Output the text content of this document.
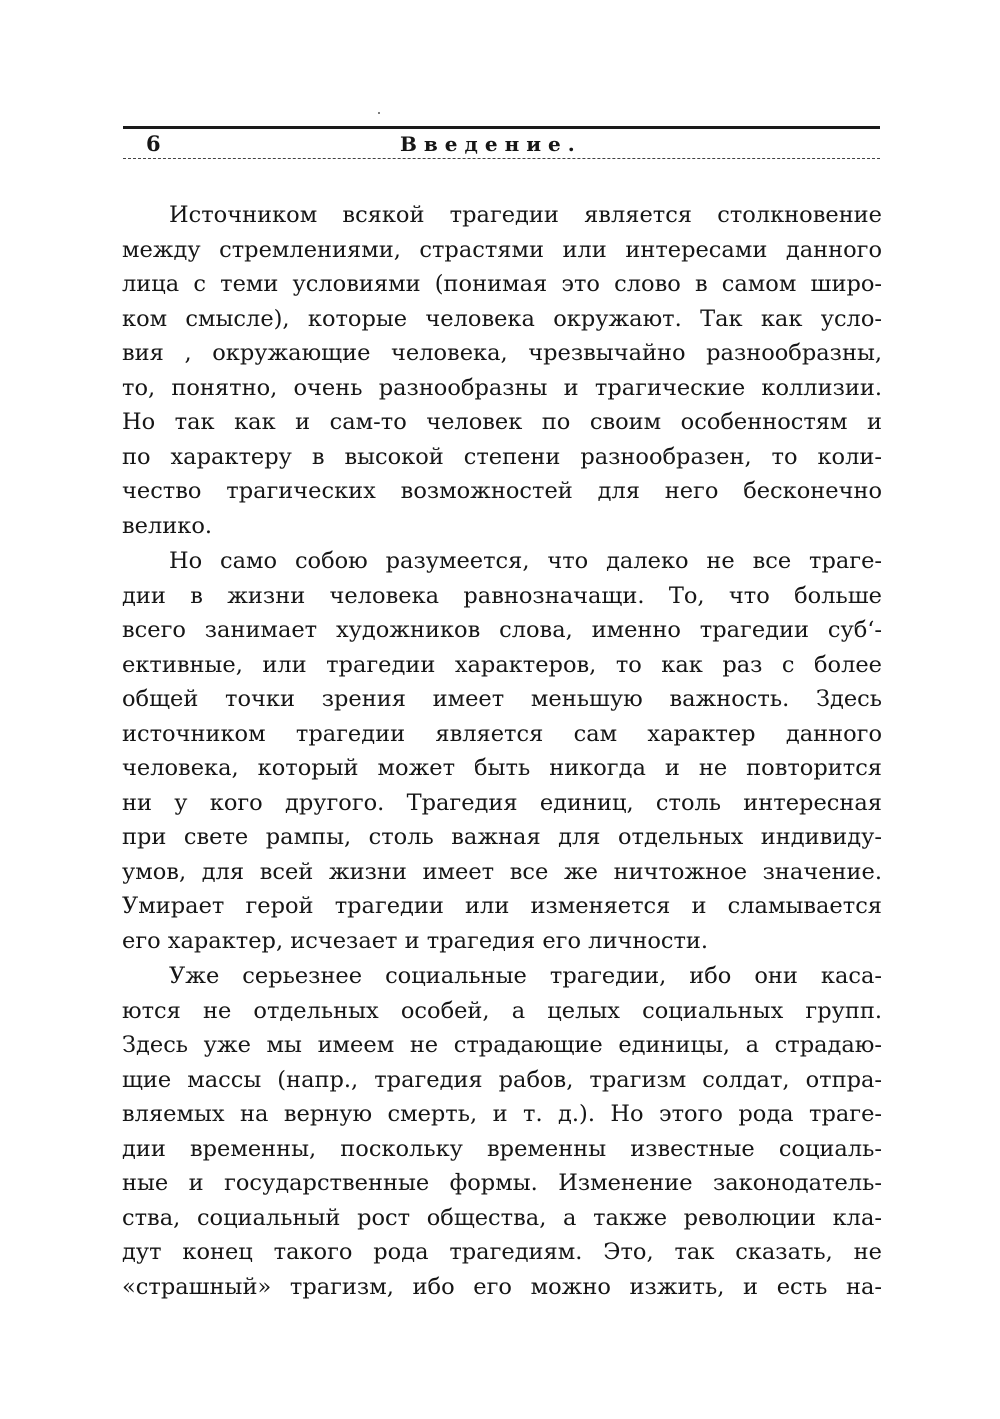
6	Введение.

Источником всякой трагедии является столкновение
между стремлениями, страстями или интересами данного
лица с теми условиями (понимая это слово в самом широ-
ком смысле), которые человека окружают. Так как усло-
вия , окружающие человека, чрезвычайно разнообразны,
то, понятно, очень разнообразны и трагические коллизии.
Но так как и сам-то человек по своим особенностям и
по характеру в высокой степени разнообразен, то коли-
чество трагических возможностей для него бесконечно
велико.

Но само собою разумеется, что далеко не все траге-
дии в жизни человека равнозначащи. То, что больше
всего занимает художников слова, именно трагедии суб‘-
ективные, или трагедии характеров, то как раз с более
общей точки зрения имеет меньшую важность. Здесь
источником трагедии является сам характер данного
человека, который может быть никогда и не повторится
ни у кого другого. Трагедия единиц, столь интересная
при свете рампы, столь важная для отдельных индивиду-
умов, для всей жизни имеет все же ничтожное значение.
Умирает герой трагедии или изменяется и сламывается
его характер, исчезает и трагедия его личности.

Уже серьезнее социальные трагедии, ибо они каса-
ются не отдельных особей, а целых социальных групп.
Здесь уже мы имеем не страдающие единицы, а страдаю-
щие массы (напр., трагедия рабов, трагизм солдат, отпра-
вляемых на верную смерть, и т. д.). Но этого рода траге-
дии временны, поскольку временны известные социаль-
ные и государственные формы. Изменение законодатель-
ства, социальный рост общества, а также революции кла-
дут конец такого рода трагедиям. Это, так сказать, не
«страшный» трагизм, ибо его можно изжить, и есть на-
